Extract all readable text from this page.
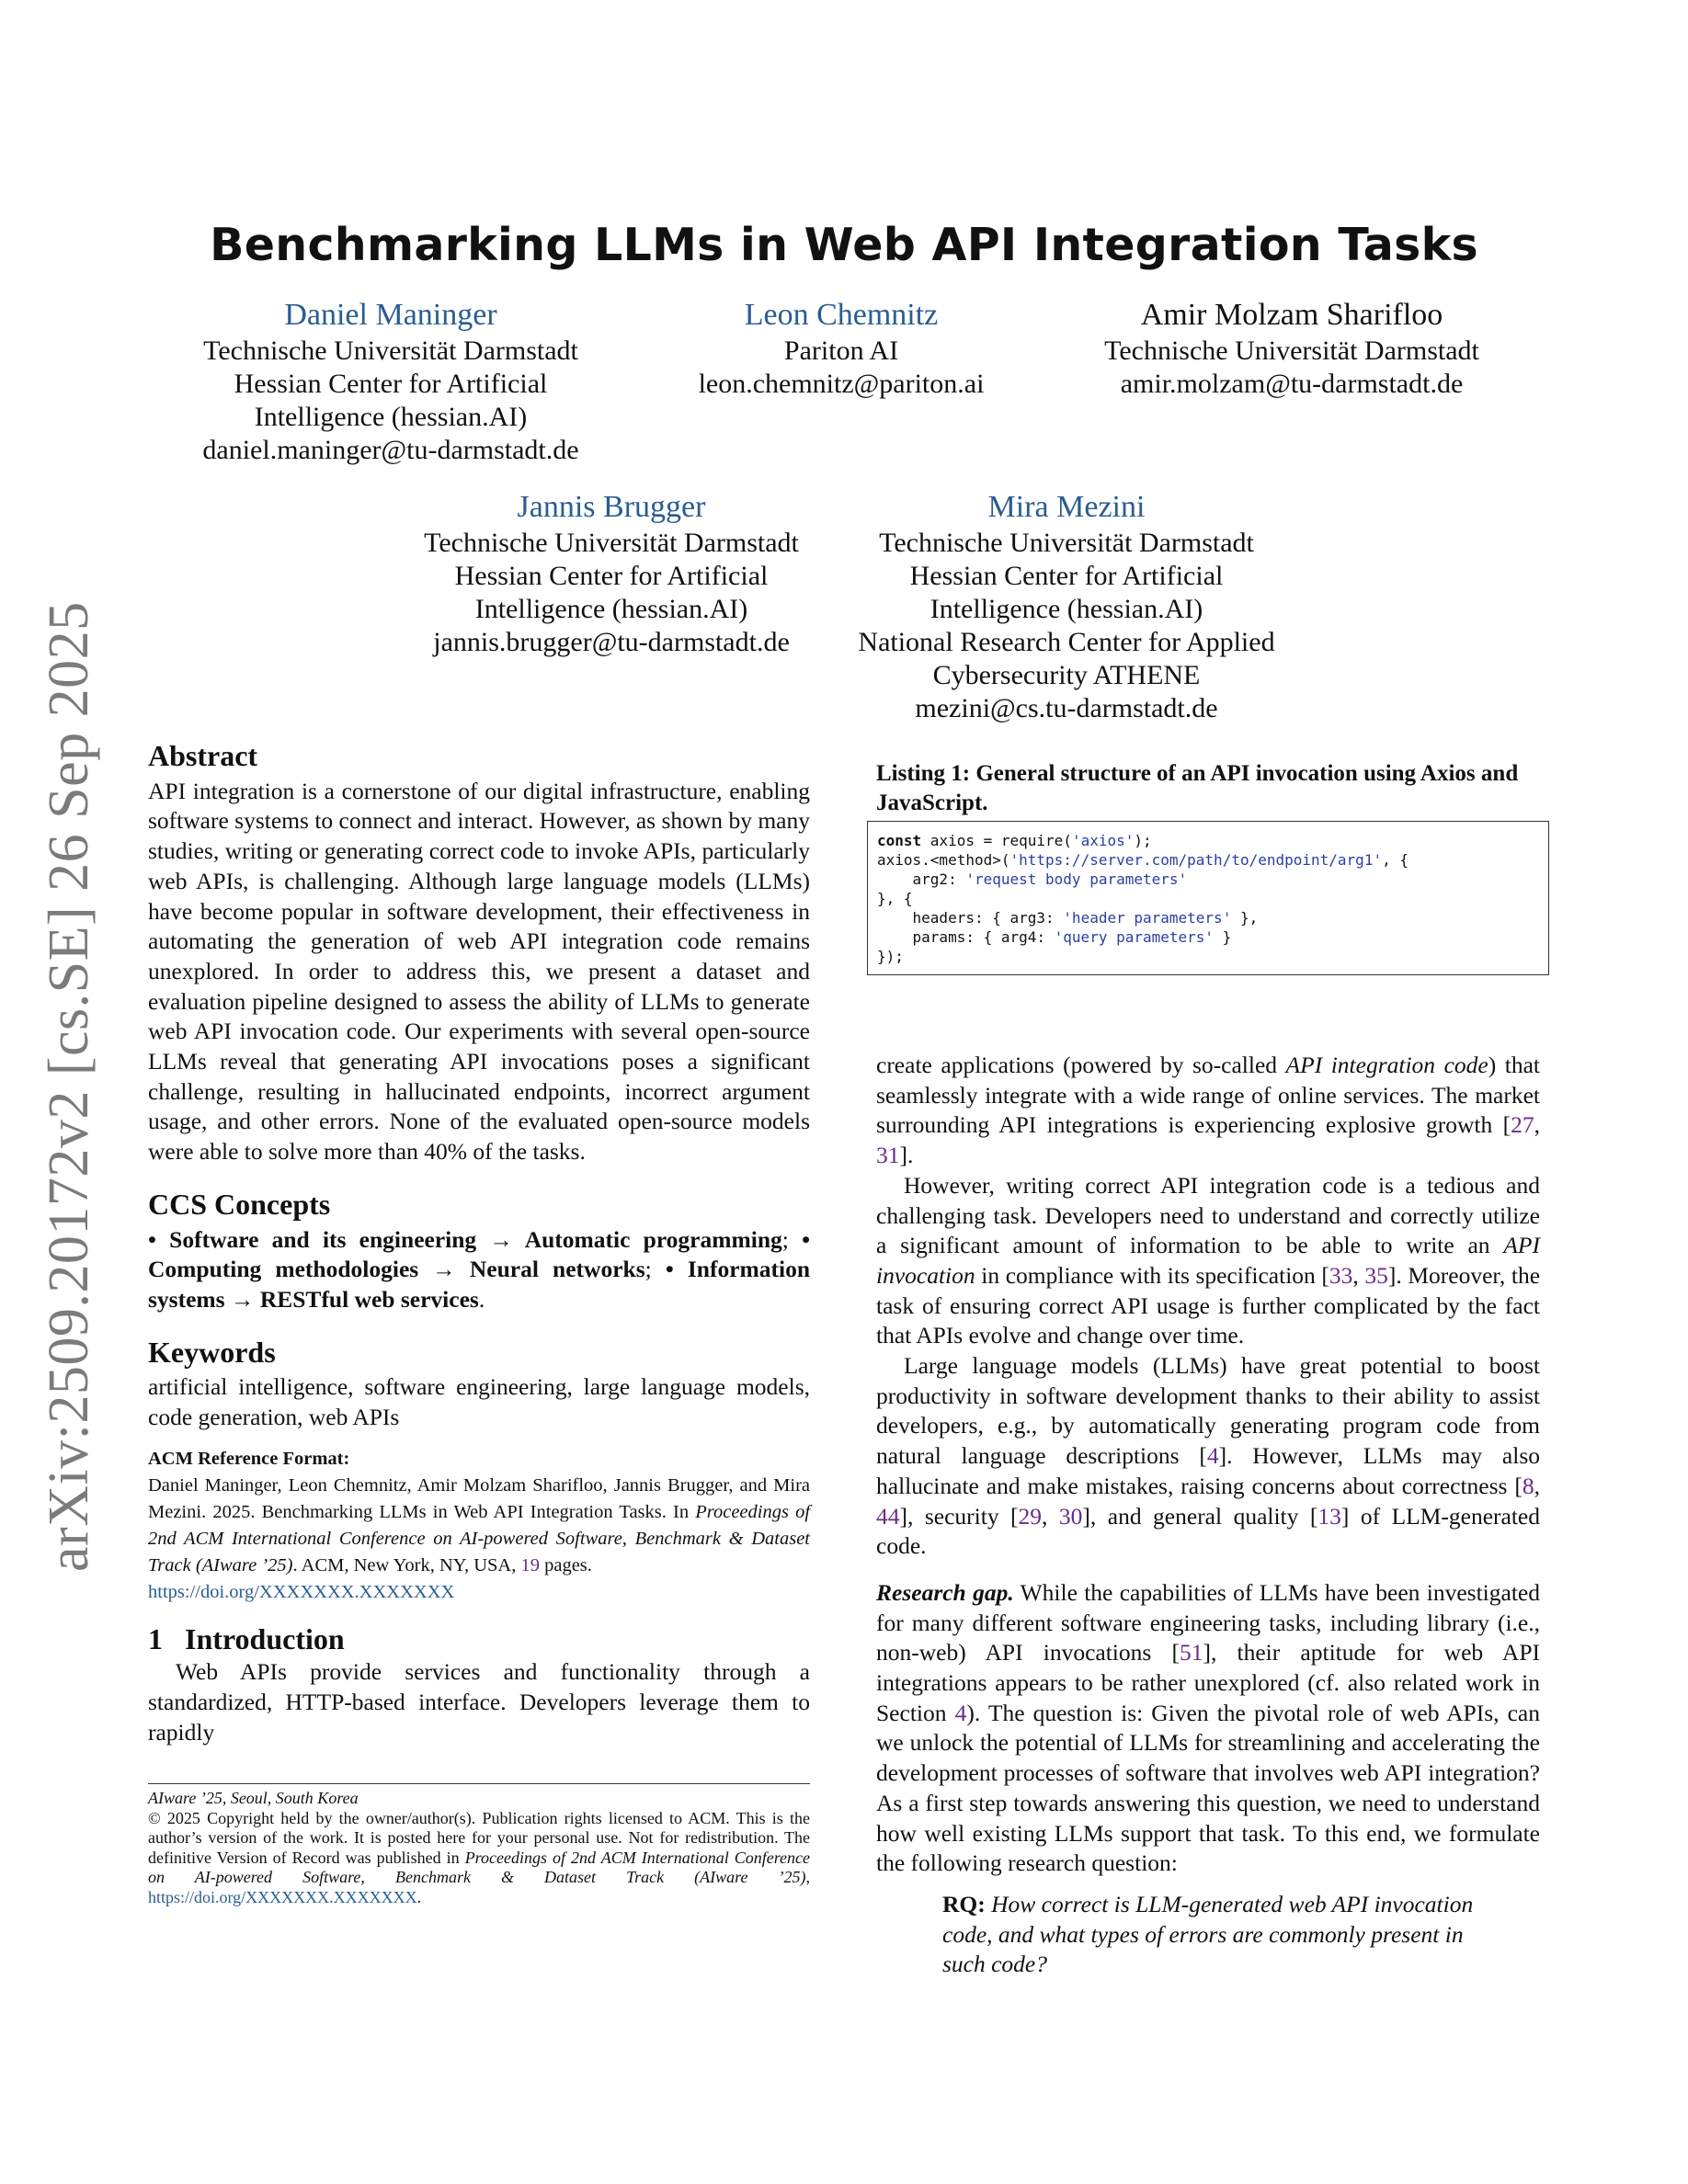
arXiv:2509.20172v2 [cs.SE] 26 Sep 2025
Benchmarking LLMs in Web API Integration Tasks
Daniel Maninger
Technische Universität Darmstadt
Hessian Center for Artificial
Intelligence (hessian.AI)
daniel.maninger@tu-darmstadt.de
Leon Chemnitz
Pariton AI
leon.chemnitz@pariton.ai
Amir Molzam Sharifloo
Technische Universität Darmstadt
amir.molzam@tu-darmstadt.de
Jannis Brugger
Technische Universität Darmstadt
Hessian Center for Artificial
Intelligence (hessian.AI)
jannis.brugger@tu-darmstadt.de
Mira Mezini
Technische Universität Darmstadt
Hessian Center for Artificial
Intelligence (hessian.AI)
National Research Center for Applied
Cybersecurity ATHENE
mezini@cs.tu-darmstadt.de
Abstract

API integration is a cornerstone of our digital infrastructure, enabling software systems to connect and interact. However, as shown by many studies, writing or generating correct code to invoke APIs, particularly web APIs, is challenging. Although large language models (LLMs) have become popular in software development, their effectiveness in automating the generation of web API integration code remains unexplored. In order to address this, we present a dataset and evaluation pipeline designed to assess the ability of LLMs to generate web API invocation code. Our experiments with several open-source LLMs reveal that generating API invocations poses a significant challenge, resulting in hallucinated endpoints, incorrect argument usage, and other errors. None of the evaluated open-source models were able to solve more than 40% of the tasks.

CCS Concepts

• Software and its engineering → Automatic programming; • Computing methodologies → Neural networks; • Information systems → RESTful web services.

Keywords

artificial intelligence, software engineering, large language models, code generation, web APIs

ACM Reference Format:

Daniel Maninger, Leon Chemnitz, Amir Molzam Sharifloo, Jannis Brugger, and Mira Mezini. 2025. Benchmarking LLMs in Web API Integration Tasks. In Proceedings of 2nd ACM International Conference on AI-powered Software, Benchmark & Dataset Track (AIware ’25). ACM, New York, NY, USA, 19 pages.
https://doi.org/XXXXXXX.XXXXXXX

1   Introduction

Web APIs provide services and functionality through a standardized, HTTP-based interface. Developers leverage them to rapidly

AIware ’25, Seoul, South Korea

© 2025 Copyright held by the owner/author(s). Publication rights licensed to ACM. This is the author’s version of the work. It is posted here for your personal use. Not for redistribution. The definitive Version of Record was published in Proceedings of 2nd ACM International Conference on AI-powered Software, Benchmark & Dataset Track (AIware ’25), https://doi.org/XXXXXXX.XXXXXXX.

Listing 1: General structure of an API invocation using Axios and JavaScript.
const axios = require('axios');
axios.<method>('https://server.com/path/to/endpoint/arg1', {
arg2: 'request body parameters'
}, {
headers: { arg3: 'header parameters' },
params: { arg4: 'query parameters' }
});

create applications (powered by so-called API integration code) that seamlessly integrate with a wide range of online services. The market surrounding API integrations is experiencing explosive growth [27, 31].

However, writing correct API integration code is a tedious and challenging task. Developers need to understand and correctly utilize a significant amount of information to be able to write an API invocation in compliance with its specification [33, 35]. Moreover, the task of ensuring correct API usage is further complicated by the fact that APIs evolve and change over time.

Large language models (LLMs) have great potential to boost productivity in software development thanks to their ability to assist developers, e.g., by automatically generating program code from natural language descriptions [4]. However, LLMs may also hallucinate and make mistakes, raising concerns about correctness [8, 44], security [29, 30], and general quality [13] of LLM-generated code.

Research gap. While the capabilities of LLMs have been investigated for many different software engineering tasks, including library (i.e., non-web) API invocations [51], their aptitude for web API integrations appears to be rather unexplored (cf. also related work in Section 4). The question is: Given the pivotal role of web APIs, can we unlock the potential of LLMs for streamlining and accelerating the development processes of software that involves web API integration? As a first step towards answering this question, we need to understand how well existing LLMs support that task. To this end, we formulate the following research question:

RQ: How correct is LLM-generated web API invocation code, and what types of errors are commonly present in such code?
